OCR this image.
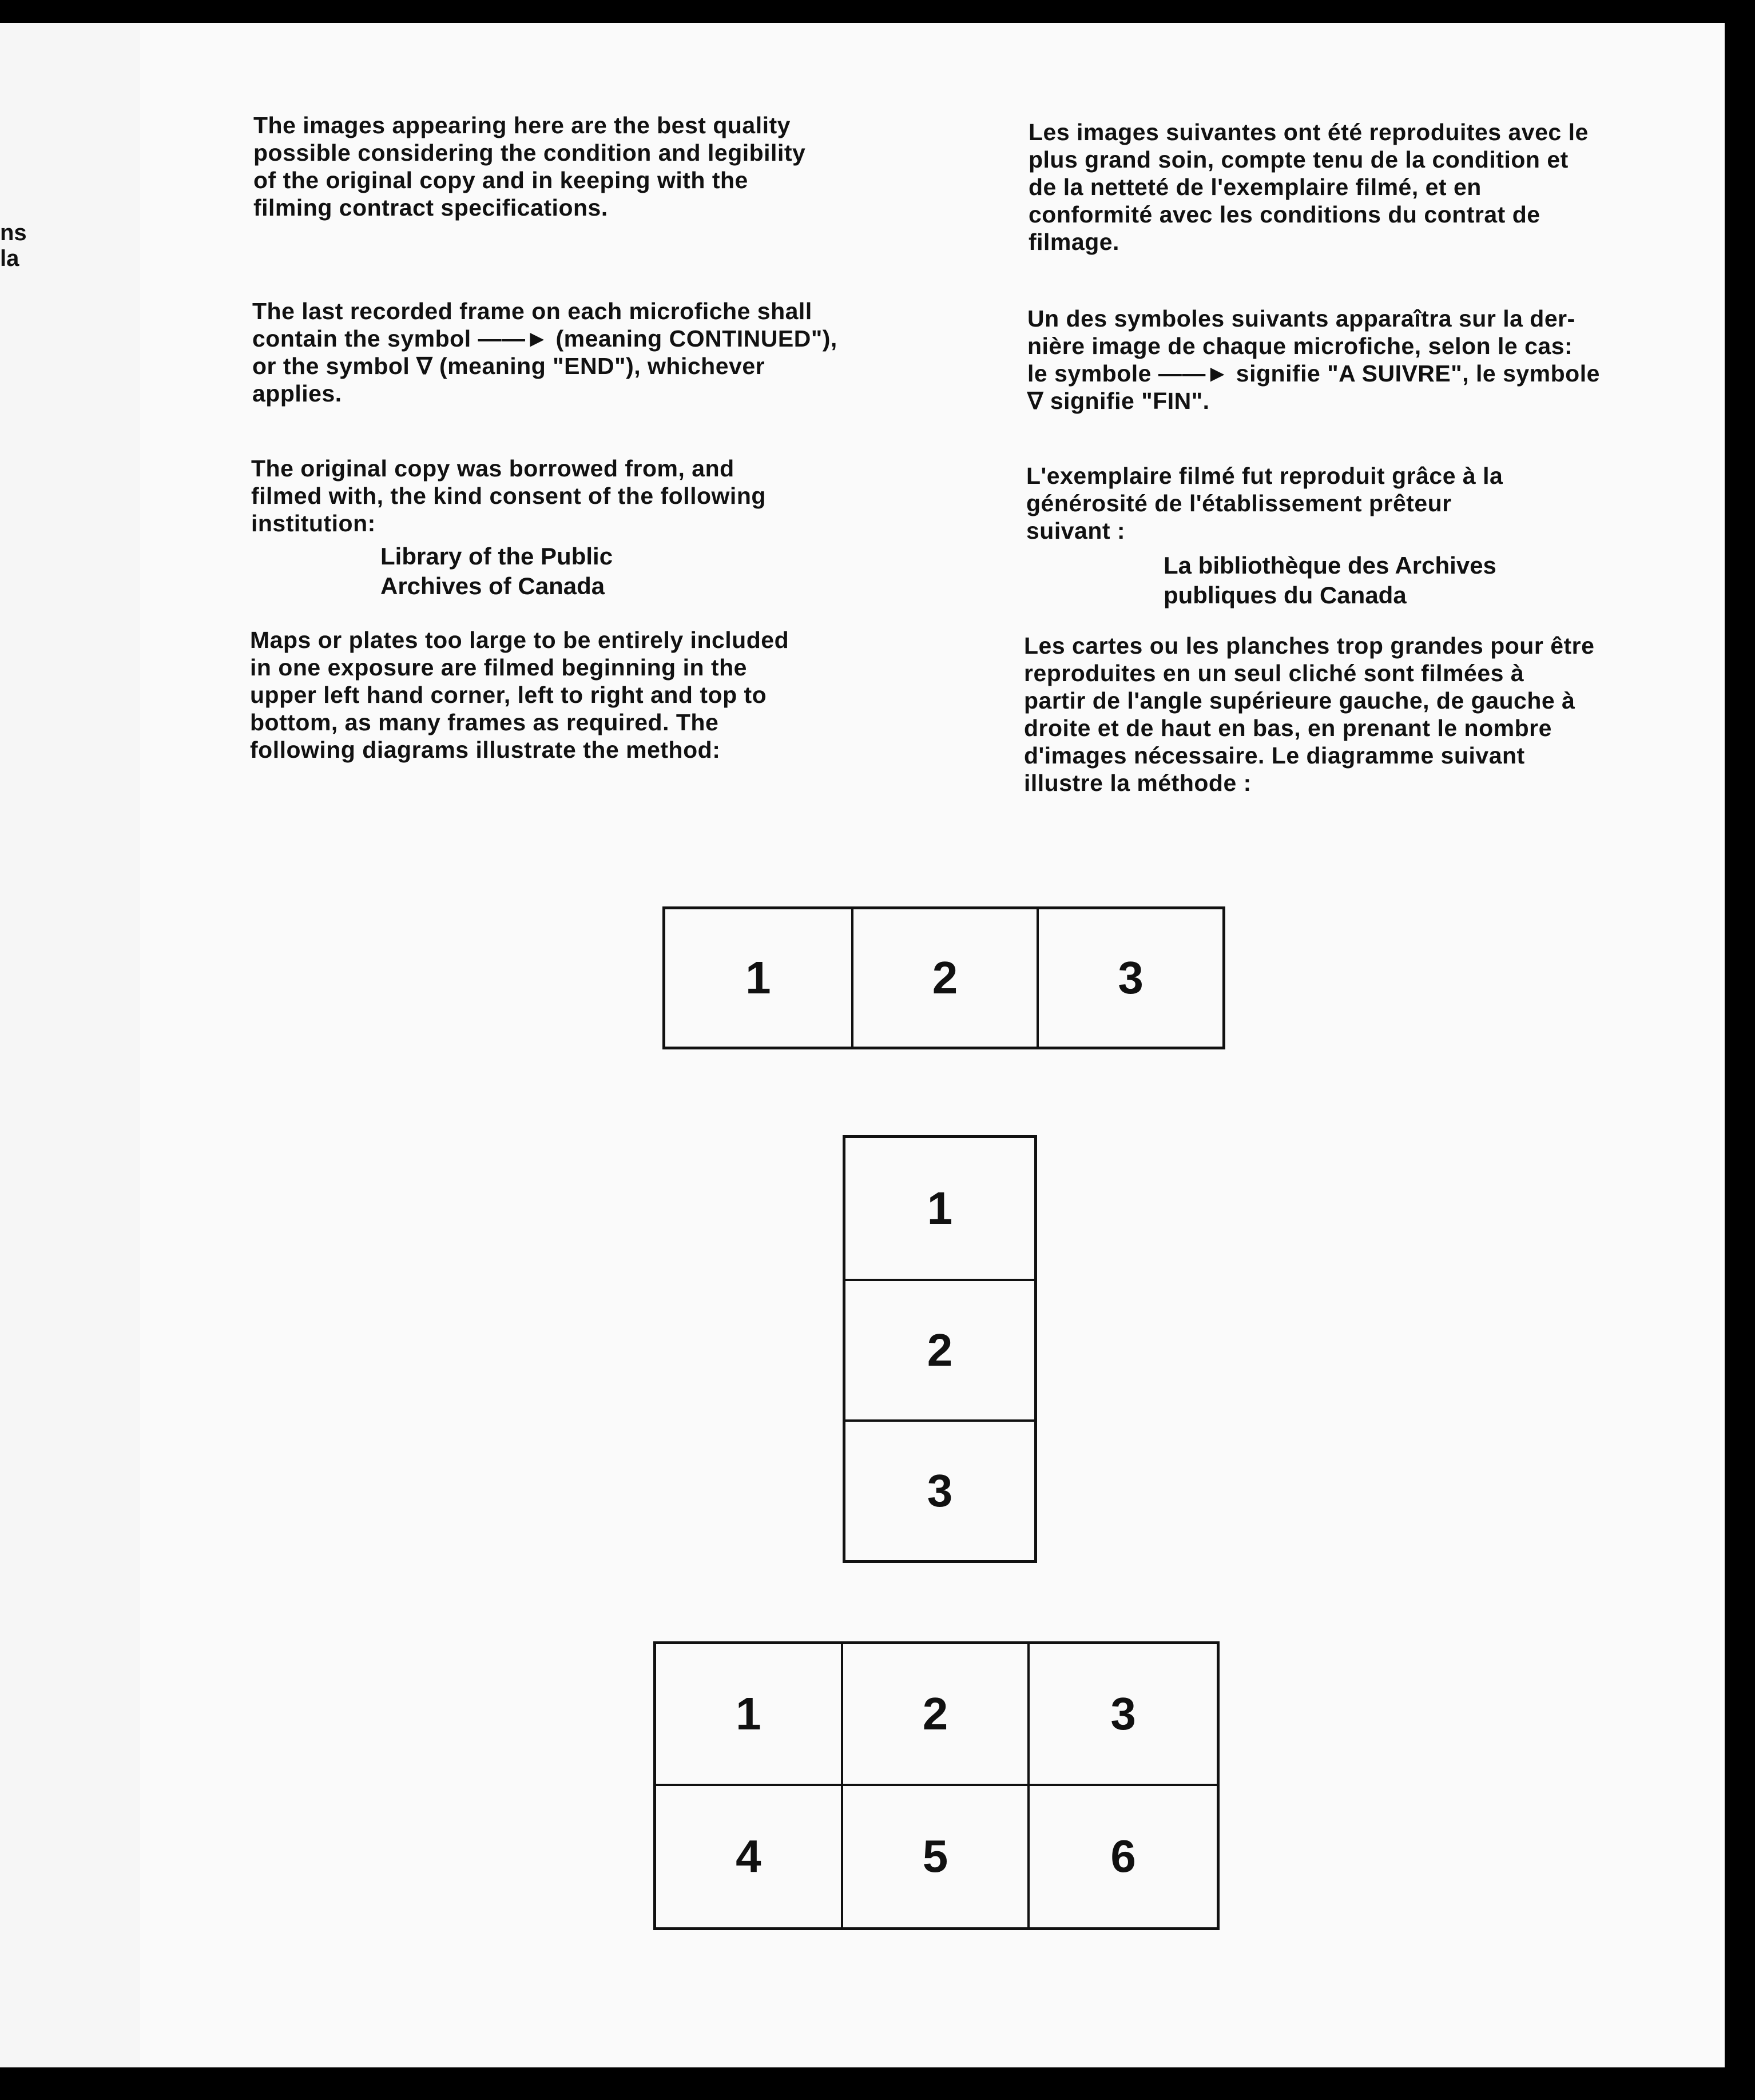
ns
la

The images appearing here are the best quality
possible considering the condition and legibility
of the original copy and in keeping with the
filming contract specifications.

The last recorded frame on each microfiche shall
contain the symbol ——► (meaning CONTINUED"),
or the symbol ∇ (meaning "END"), whichever
applies.

The original copy was borrowed from, and
filmed with, the kind consent of the following
institution:

Library of the Public
Archives of Canada

Maps or plates too large to be entirely included
in one exposure are filmed beginning in the
upper left hand corner, left to right and top to
bottom, as many frames as required. The
following diagrams illustrate the method:

Les images suivantes ont été reproduites avec le
plus grand soin, compte tenu de la condition et
de la netteté de l'exemplaire filmé, et en
conformité avec les conditions du contrat de
filmage.

Un des symboles suivants apparaîtra sur la der-
nière image de chaque microfiche, selon le cas:
le symbole ——► signifie "A SUIVRE", le symbole
∇ signifie "FIN".

L'exemplaire filmé fut reproduit grâce à la
générosité de l'établissement prêteur
suivant :

La bibliothèque des Archives
publiques du Canada

Les cartes ou les planches trop grandes pour être
reproduites en un seul cliché sont filmées à
partir de l'angle supérieure gauche, de gauche à
droite et de haut en bas, en prenant le nombre
d'images nécessaire. Le diagramme suivant
illustre la méthode :

1	2	3
1
2
3
1	2	3
4	5	6
